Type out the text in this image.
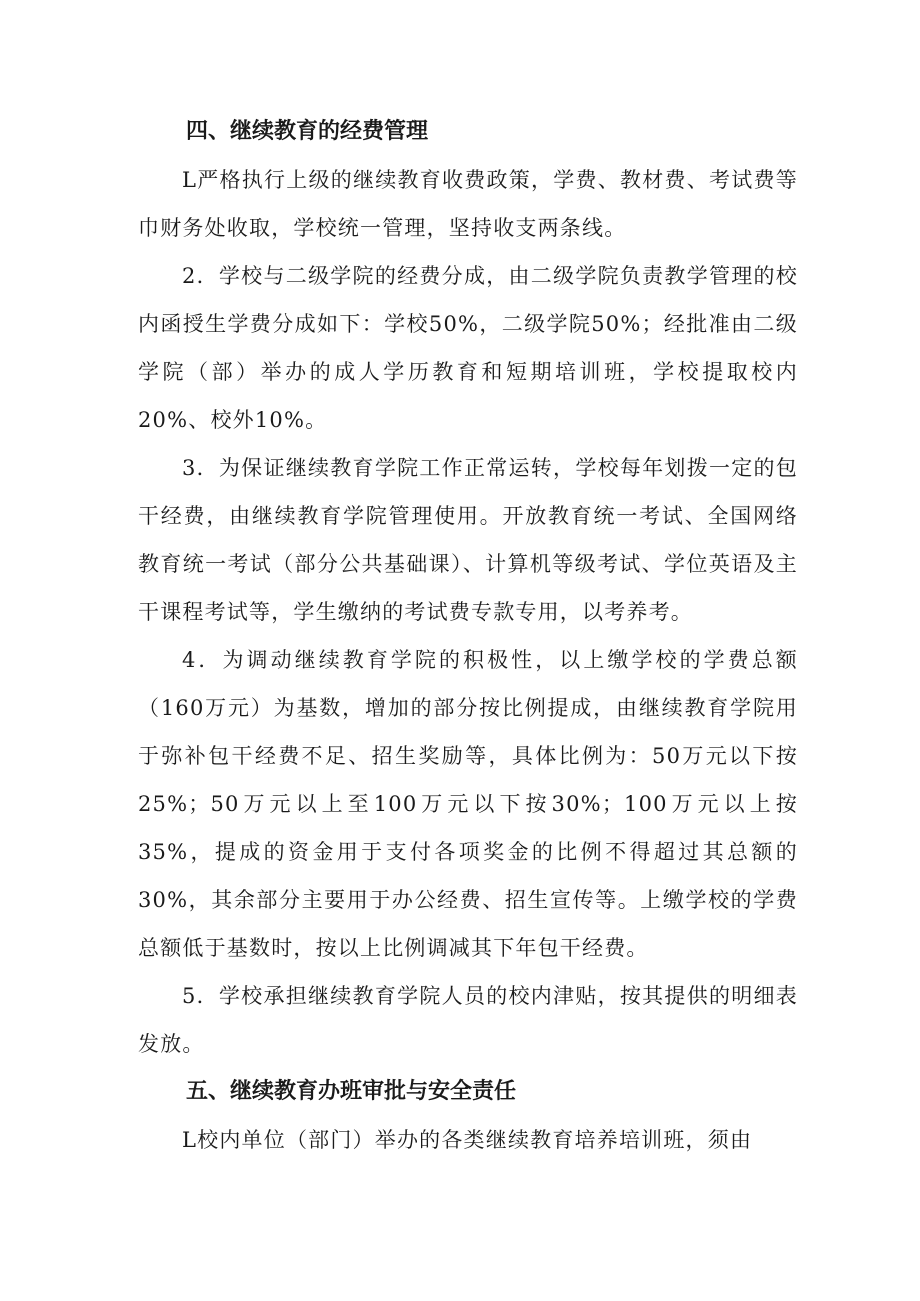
四、继续教育的经费管理

L严格执行上级的继续教育收费政策，学费、教材费、考试费等巾财务处收取，学校统一管理，坚持收支两条线。

2．学校与二级学院的经费分成，由二级学院负责教学管理的校内函授生学费分成如下：学校50%，二级学院50%；经批准由二级学院（部）举办的成人学历教育和短期培训班，学校提取校内20%、校外10%。

3．为保证继续教育学院工作正常运转，学校每年划拨一定的包干经费，由继续教育学院管理使用。开放教育统一考试、全国网络教育统一考试（部分公共基础课）、计算机等级考试、学位英语及主干课程考试等，学生缴纳的考试费专款专用，以考养考。

4．为调动继续教育学院的积极性，以上缴学校的学费总额（160万元）为基数，增加的部分按比例提成，由继续教育学院用于弥补包干经费不足、招生奖励等，具体比例为：50万元以下按25%；50万元以上至100万元以下按30%；100万元以上按35%，提成的资金用于支付各项奖金的比例不得超过其总额的30%，其余部分主要用于办公经费、招生宣传等。上缴学校的学费总额低于基数时，按以上比例调减其下年包干经费。

5．学校承担继续教育学院人员的校内津贴，按其提供的明细表发放。

五、继续教育办班审批与安全责任

L校内单位（部门）举办的各类继续教育培养培训班，须由
